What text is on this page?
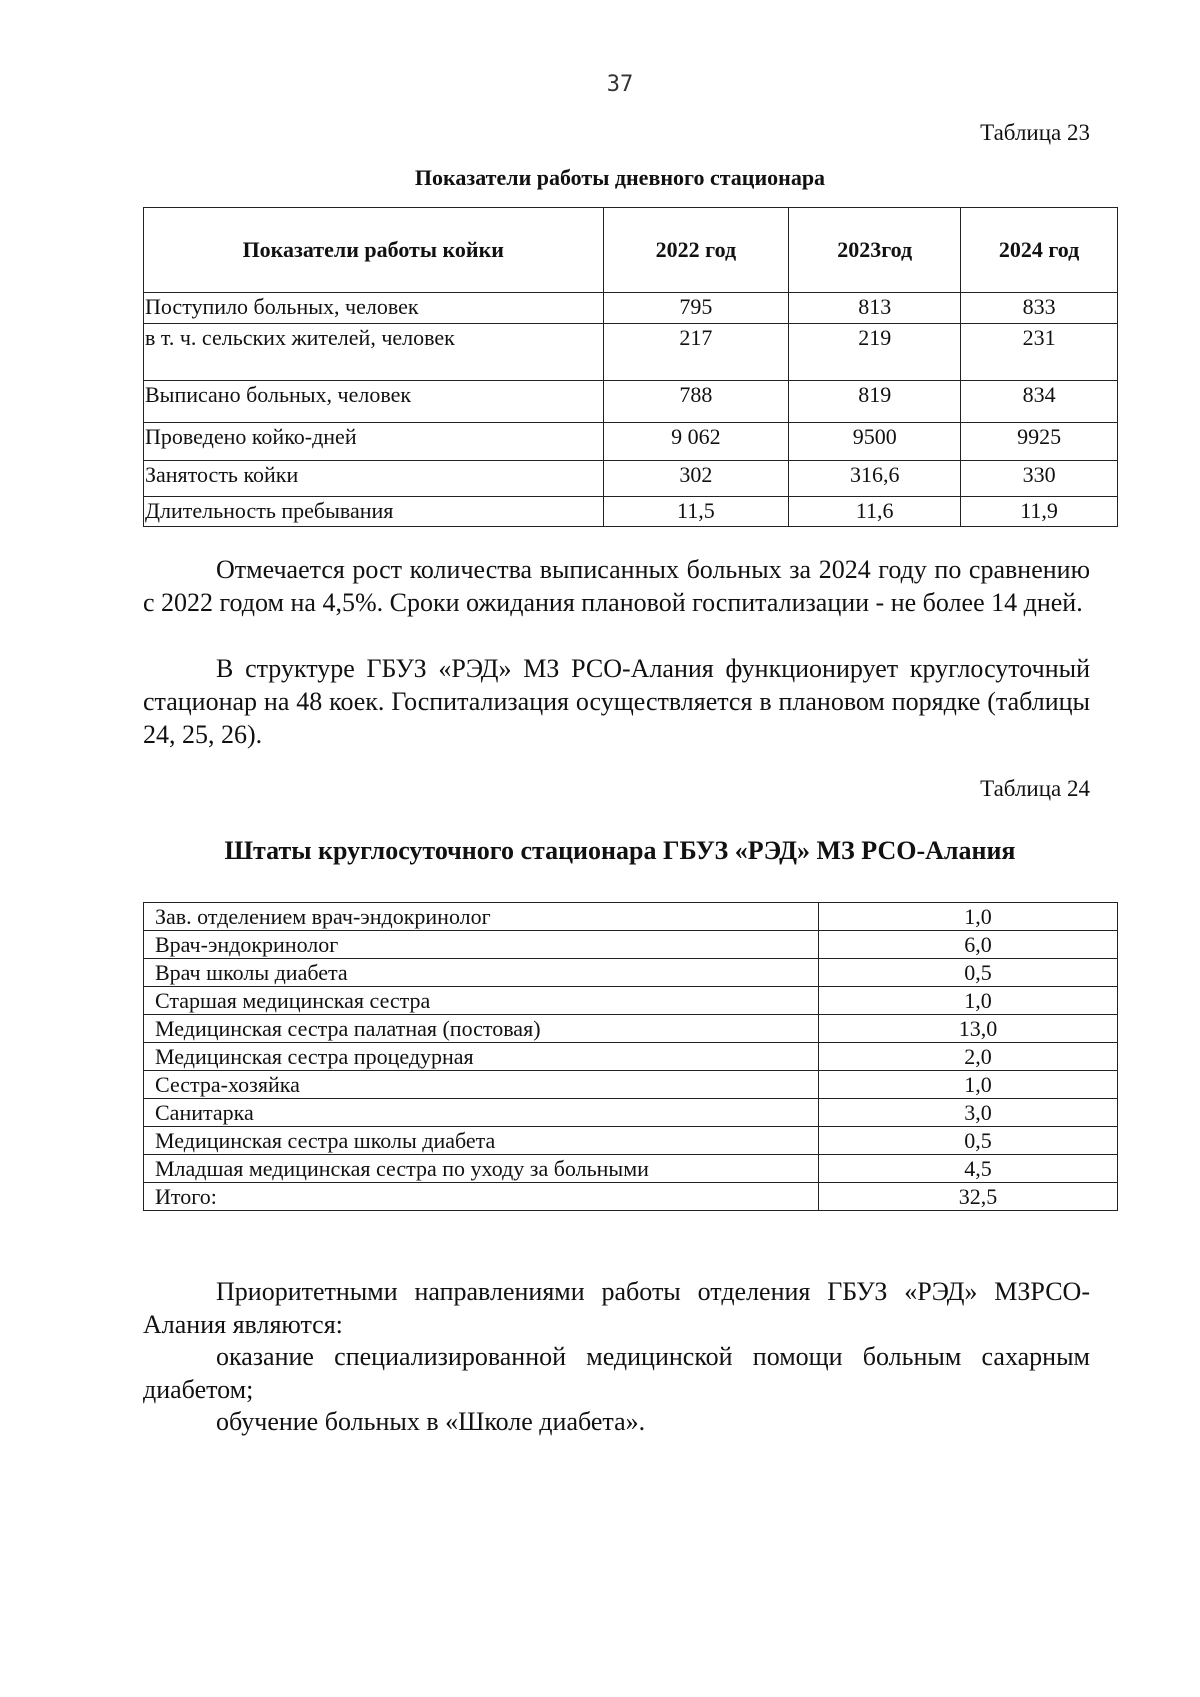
37
Таблица 23
Показатели работы дневного стационара
Показатели работы койки	2022 год	2023год	2024 год
Поступило больных, человек	795	813	833
в т. ч. сельских жителей, человек	217	219	231
Выписано больных, человек	788	819	834
Проведено койко-дней	9 062	9500	9925
Занятость койки	302	316,6	330
Длительность пребывания	11,5	11,6	11,9

Отмечается рост количества выписанных больных за 2024 году по сравнению с 2022 годом на 4,5%. Сроки ожидания плановой госпитализации - не более 14 дней.

В структуре ГБУЗ «РЭД» МЗ РСО-Алания функционирует круглосуточный стационар на 48 коек. Госпитализация осуществляется в плановом порядке (таблицы 24, 25, 26).

Таблица 24
Штаты круглосуточного стационара ГБУЗ «РЭД» МЗ РСО-Алания
Зав. отделением врач-эндокринолог	1,0
Врач-эндокринолог	6,0
Врач школы диабета	0,5
Старшая медицинская сестра	1,0
Медицинская сестра палатная (постовая)	13,0
Медицинская сестра процедурная	2,0
Сестра-хозяйка	1,0
Санитарка	3,0
Медицинская сестра школы диабета	0,5
Младшая медицинская сестра по уходу за больными	4,5
Итого:	32,5

Приоритетными направлениями работы отделения ГБУЗ «РЭД» МЗРСО-Алания являются:

оказание специализированной медицинской помощи больным сахарным диабетом;

обучение больных в «Школе диабета».
